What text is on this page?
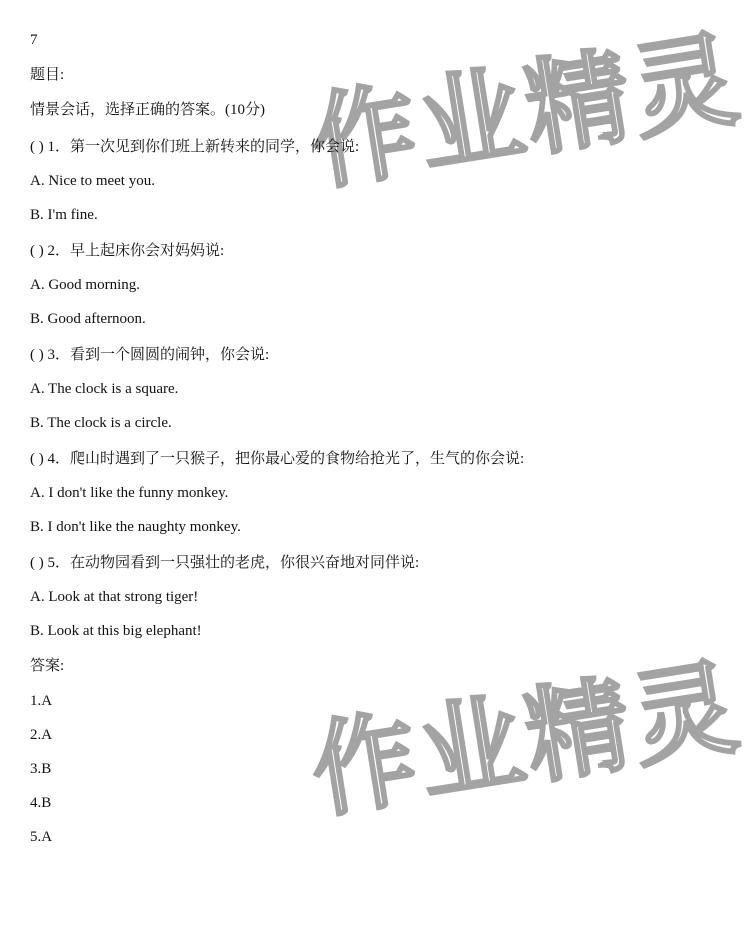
作业精灵
作业精灵
7
题目:
情景会话，选择正确的答案。(10分)
( ) 1．第一次见到你们班上新转来的同学，你会说:
A. Nice to meet you.
B. I'm fine.
( ) 2．早上起床你会对妈妈说:
A. Good morning.
B. Good afternoon.
( ) 3．看到一个圆圆的闹钟，你会说:
A. The clock is a square.
B. The clock is a circle.
( ) 4．爬山时遇到了一只猴子，把你最心爱的食物给抢光了，生气的你会说:
A. I don't like the funny monkey.
B. I don't like the naughty monkey.
( ) 5．在动物园看到一只强壮的老虎，你很兴奋地对同伴说:
A. Look at that strong tiger!
B. Look at this big elephant!
答案:
1.A
2.A
3.B
4.B
5.A
